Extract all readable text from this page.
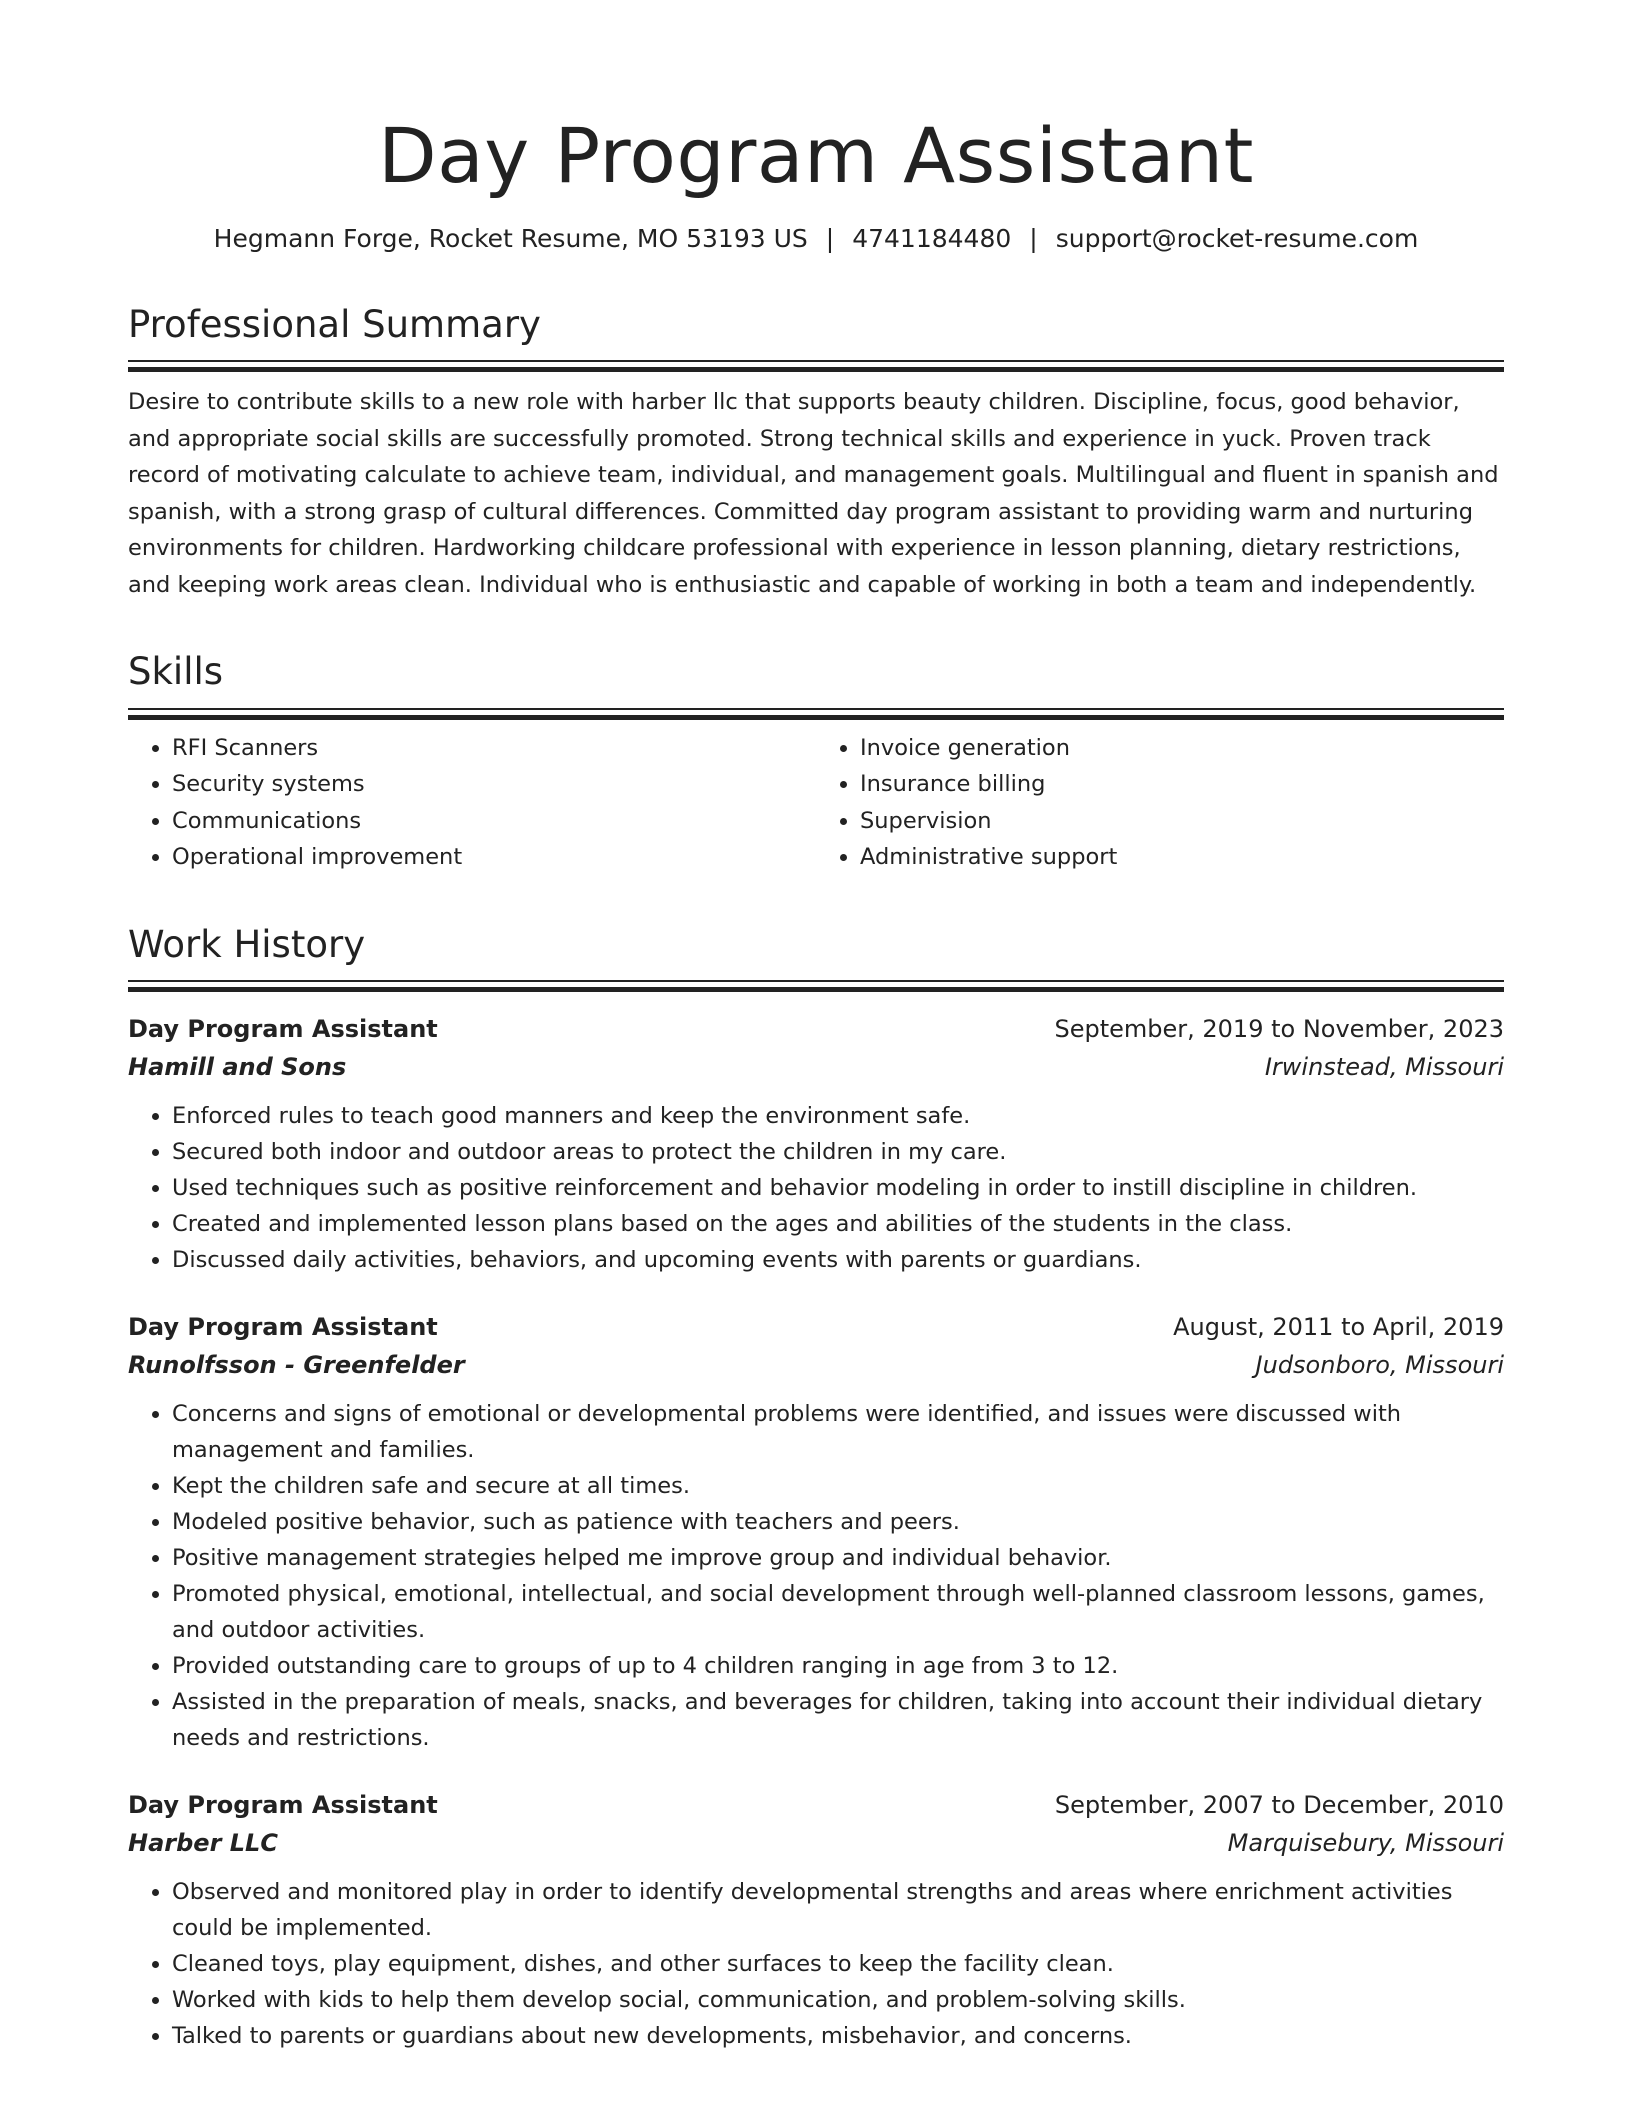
Day Program Assistant
Hegmann Forge, Rocket Resume, MO 53193 US | 4741184480 | support@rocket-resume.com
Professional Summary
Desire to contribute skills to a new role with harber llc that supports beauty children. Discipline, focus, good behavior, and appropriate social skills are successfully promoted. Strong technical skills and experience in yuck. Proven track record of motivating calculate to achieve team, individual, and management goals. Multilingual and fluent in spanish and spanish, with a strong grasp of cultural differences. Committed day program assistant to providing warm and nurturing environments for children. Hardworking childcare professional with experience in lesson planning, dietary restrictions, and keeping work areas clean. Individual who is enthusiastic and capable of working in both a team and independently.
Skills
• RFI Scanners
• Security systems
• Communications
• Operational improvement
• Invoice generation
• Insurance billing
• Supervision
• Administrative support
Work History
Day Program Assistant	September, 2019 to November, 2023
Hamill and Sons	Irwinstead, Missouri
• Enforced rules to teach good manners and keep the environment safe.
• Secured both indoor and outdoor areas to protect the children in my care.
• Used techniques such as positive reinforcement and behavior modeling in order to instill discipline in children.
• Created and implemented lesson plans based on the ages and abilities of the students in the class.
• Discussed daily activities, behaviors, and upcoming events with parents or guardians.
Day Program Assistant	August, 2011 to April, 2019
Runolfsson - Greenfelder	Judsonboro, Missouri
• Concerns and signs of emotional or developmental problems were identified, and issues were discussed with management and families.
• Kept the children safe and secure at all times.
• Modeled positive behavior, such as patience with teachers and peers.
• Positive management strategies helped me improve group and individual behavior.
• Promoted physical, emotional, intellectual, and social development through well-planned classroom lessons, games, and outdoor activities.
• Provided outstanding care to groups of up to 4 children ranging in age from 3 to 12.
• Assisted in the preparation of meals, snacks, and beverages for children, taking into account their individual dietary needs and restrictions.
Day Program Assistant	September, 2007 to December, 2010
Harber LLC	Marquisebury, Missouri
• Observed and monitored play in order to identify developmental strengths and areas where enrichment activities could be implemented.
• Cleaned toys, play equipment, dishes, and other surfaces to keep the facility clean.
• Worked with kids to help them develop social, communication, and problem-solving skills.
• Talked to parents or guardians about new developments, misbehavior, and concerns.
